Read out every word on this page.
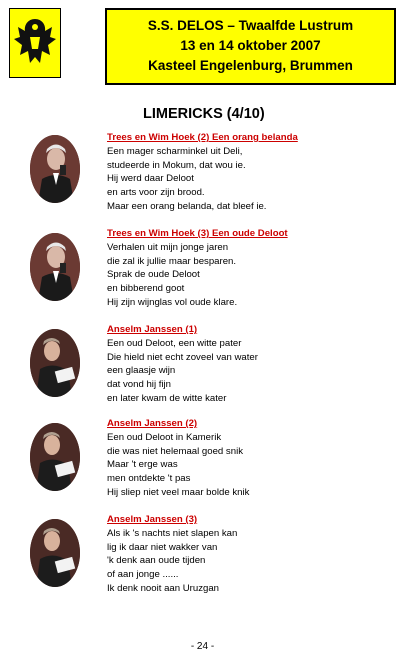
S.S. DELOS – Twaalfde Lustrum
13 en 14 oktober 2007
Kasteel Engelenburg, Brummen
LIMERICKS (4/10)
Trees en Wim Hoek (2) Een orang belanda
Een mager scharminkel uit Deli,
studeerde in Mokum, dat wou ie.
Hij werd daar Deloot
en arts voor zijn brood.
Maar een orang belanda, dat bleef ie.
Trees en Wim Hoek (3) Een oude Deloot
Verhalen uit mijn jonge jaren
die zal ik jullie maar besparen.
Sprak de oude Deloot
en bibberend goot
Hij zijn wijnglas vol oude klare.
Anselm Janssen (1)
Een oud Deloot, een witte pater
Die hield niet echt zoveel van water
een glaasje wijn
dat vond hij fijn
en later kwam de witte kater
Anselm Janssen (2)
Een oud Deloot in Kamerik
die was niet helemaal goed snik
Maar 't erge was
men ontdekte 't pas
Hij sliep niet veel maar bolde knik
Anselm Janssen (3)
Als ik 's nachts niet slapen kan
lig ik daar niet wakker van
'k denk aan oude tijden
of aan jonge ......
Ik denk nooit aan Uruzgan
- 24 -
